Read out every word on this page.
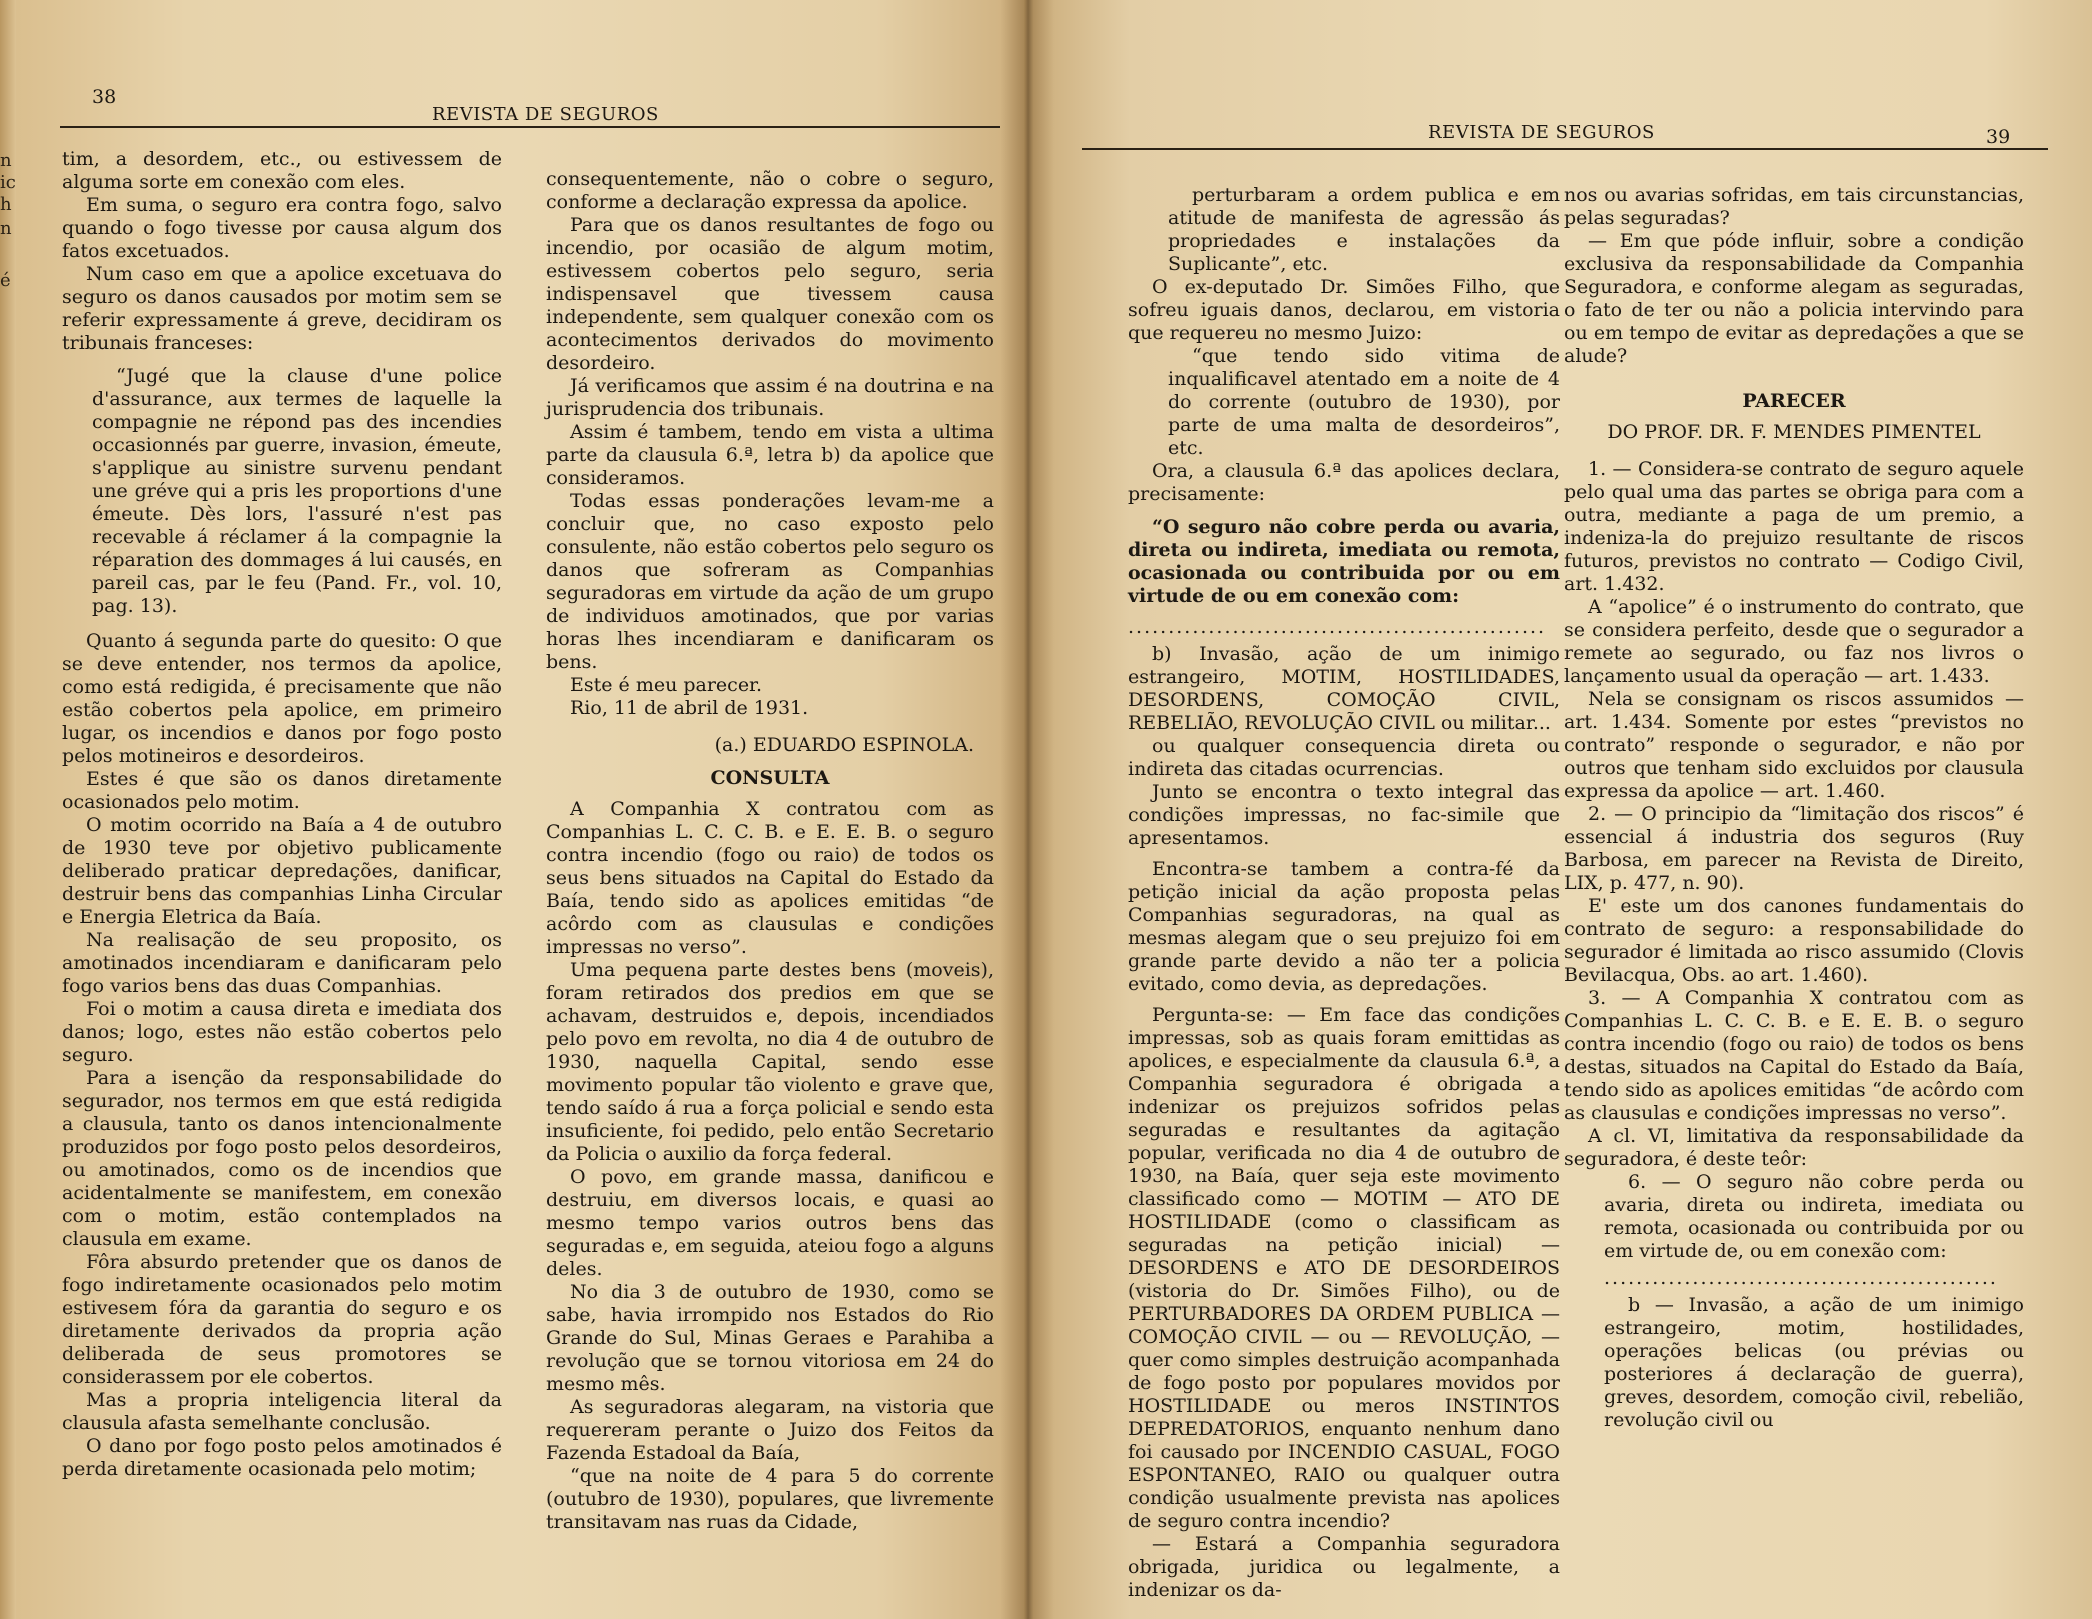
n
ic
h
n
é
38
REVISTA DE SEGUROS

tim, a desordem, etc., ou estivessem de alguma sorte em conexão com eles.

Em suma, o seguro era contra fogo, salvo quando o fogo tivesse por causa algum dos fatos excetuados.

Num caso em que a apolice excetuava do seguro os danos causados por motim sem se referir expressamente á greve, decidiram os tribunais franceses:

“Jugé que la clause d'une police d'assurance, aux termes de laquelle la compagnie ne répond pas des incendies occasionnés par guerre, invasion, émeute, s'applique au sinistre survenu pendant une gréve qui a pris les proportions d'une émeute. Dès lors, l'assuré n'est pas recevable á réclamer á la compagnie la réparation des dommages á lui causés, en pareil cas, par le feu (Pand. Fr., vol. 10, pag. 13).

Quanto á segunda parte do quesito: O que se deve entender, nos termos da apolice, como está redigida, é precisamente que não estão cobertos pela apolice, em primeiro lugar, os incendios e danos por fogo posto pelos motineiros e desordeiros.

Estes é que são os danos diretamente ocasionados pelo motim.

O motim ocorrido na Baía a 4 de outubro de 1930 teve por objetivo publicamente deliberado praticar depredações, danificar, destruir bens das companhias Linha Circular e Energia Eletrica da Baía.

Na realisação de seu proposito, os amotinados incendiaram e danificaram pelo fogo varios bens das duas Companhias.

Foi o motim a causa direta e imediata dos danos; logo, estes não estão cobertos pelo seguro.

Para a isenção da responsabilidade do segurador, nos termos em que está redigida a clausula, tanto os danos intencionalmente produzidos por fogo posto pelos desordeiros, ou amotinados, como os de incendios que acidentalmente se manifestem, em conexão com o motim, estão contemplados na clausula em exame.

Fôra absurdo pretender que os danos de fogo indiretamente ocasionados pelo motim estivesem fóra da garantia do seguro e os diretamente derivados da propria ação deliberada de seus promotores se considerassem por ele cobertos.

Mas a propria inteligencia literal da clausula afasta semelhante conclusão.

O dano por fogo posto pelos amotinados é perda diretamente ocasionada pelo motim;

consequentemente, não o cobre o seguro, conforme a declaração expressa da apolice.

Para que os danos resultantes de fogo ou incendio, por ocasião de algum motim, estivessem cobertos pelo seguro, seria indispensavel que tivessem causa independente, sem qualquer conexão com os acontecimentos derivados do movimento desordeiro.

Já verificamos que assim é na doutrina e na jurisprudencia dos tribunais.

Assim é tambem, tendo em vista a ultima parte da clausula 6.ª, letra b) da apolice que consideramos.

Todas essas ponderações levam-me a concluir que, no caso exposto pelo consulente, não estão cobertos pelo seguro os danos que sofreram as Companhias seguradoras em virtude da ação de um grupo de individuos amotinados, que por varias horas lhes incendiaram e danificaram os bens.

Este é meu parecer.

Rio, 11 de abril de 1931.

(a.) EDUARDO ESPINOLA.

CONSULTA

A Companhia X contratou com as Companhias L. C. C. B. e E. E. B. o seguro contra incendio (fogo ou raio) de todos os seus bens situados na Capital do Estado da Baía, tendo sido as apolices emitidas “de acôrdo com as clausulas e condições impressas no verso”.

Uma pequena parte destes bens (moveis), foram retirados dos predios em que se achavam, destruidos e, depois, incendiados pelo povo em revolta, no dia 4 de outubro de 1930, naquella Capital, sendo esse movimento popular tão violento e grave que, tendo saído á rua a força policial e sendo esta insuficiente, foi pedido, pelo então Secretario da Policia o auxilio da força federal.

O povo, em grande massa, danificou e destruiu, em diversos locais, e quasi ao mesmo tempo varios outros bens das seguradas e, em seguida, ateiou fogo a alguns deles.

No dia 3 de outubro de 1930, como se sabe, havia irrompido nos Estados do Rio Grande do Sul, Minas Geraes e Parahiba a revolução que se tornou vitoriosa em 24 do mesmo mês.

As seguradoras alegaram, na vistoria que requereram perante o Juizo dos Feitos da Fazenda Estadoal da Baía,

“que na noite de 4 para 5 do corrente (outubro de 1930), populares, que livremente transitavam nas ruas da Cidade,

REVISTA DE SEGUROS	39

perturbaram a ordem publica e em atitude de manifesta de agressão ás propriedades e instalações da Suplicante”, etc.

O ex-deputado Dr. Simões Filho, que sofreu iguais danos, declarou, em vistoria que requereu no mesmo Juizo:

“que tendo sido vitima de inqualificavel atentado em a noite de 4 do corrente (outubro de 1930), por parte de uma malta de desordeiros”, etc.

Ora, a clausula 6.ª das apolices declara, precisamente:

“O seguro não cobre perda ou avaria, direta ou indireta, imediata ou remota, ocasionada ou contribuida por ou em virtude de ou em conexão com:

....................................................

b) Invasão, ação de um inimigo estrangeiro, MOTIM, HOSTILIDADES, DESORDENS, COMOÇÃO CIVIL, REBELIÃO, REVOLUÇÃO CIVIL ou militar...

ou qualquer consequencia direta ou indireta das citadas ocurrencias.

Junto se encontra o texto integral das condições impressas, no fac-simile que apresentamos.

Encontra-se tambem a contra-fé da petição inicial da ação proposta pelas Companhias seguradoras, na qual as mesmas alegam que o seu prejuizo foi em grande parte devido a não ter a policia evitado, como devia, as depredações.

Pergunta-se: — Em face das condições impressas, sob as quais foram emittidas as apolices, e especialmente da clausula 6.ª, a Companhia seguradora é obrigada a indenizar os prejuizos sofridos pelas seguradas e resultantes da agitação popular, verificada no dia 4 de outubro de 1930, na Baía, quer seja este movimento classificado como — MOTIM — ATO DE HOSTILIDADE (como o classificam as seguradas na petição inicial) — DESORDENS e ATO DE DESORDEIROS (vistoria do Dr. Simões Filho), ou de PERTURBADORES DA ORDEM PUBLICA — COMOÇÃO CIVIL — ou — REVOLUÇÃO, — quer como simples destruição acompanhada de fogo posto por populares movidos por HOSTILIDADE ou meros INSTINTOS DEPREDATORIOS, enquanto nenhum dano foi causado por INCENDIO CASUAL, FOGO ESPONTANEO, RAIO ou qualquer outra condição usualmente prevista nas apolices de seguro contra incendio?

— Estará a Companhia seguradora obrigada, juridica ou legalmente, a indenizar os da-

nos ou avarias sofridas, em tais circunstancias, pelas seguradas?

— Em que póde influir, sobre a condição exclusiva da responsabilidade da Companhia Seguradora, e conforme alegam as seguradas, o fato de ter ou não a policia intervindo para ou em tempo de evitar as depredações a que se alude?

PARECER

DO PROF. DR. F. MENDES PIMENTEL

1. — Considera-se contrato de seguro aquele pelo qual uma das partes se obriga para com a outra, mediante a paga de um premio, a indeniza-la do prejuizo resultante de riscos futuros, previstos no contrato — Codigo Civil, art. 1.432.

A “apolice” é o instrumento do contrato, que se considera perfeito, desde que o segurador a remete ao segurado, ou faz nos livros o lançamento usual da operação — art. 1.433.

Nela se consignam os riscos assumidos — art. 1.434. Somente por estes “previstos no contrato” responde o segurador, e não por outros que tenham sido excluidos por clausula expressa da apolice — art. 1.460.

2. — O principio da “limitação dos riscos” é essencial á industria dos seguros (Ruy Barbosa, em parecer na Revista de Direito, LIX, p. 477, n. 90).

E' este um dos canones fundamentais do contrato de seguro: a responsabilidade do segurador é limitada ao risco assumido (Clovis Bevilacqua, Obs. ao art. 1.460).

3. — A Companhia X contratou com as Companhias L. C. C. B. e E. E. B. o seguro contra incendio (fogo ou raio) de todos os bens destas, situados na Capital do Estado da Baía, tendo sido as apolices emitidas “de acôrdo com as clausulas e condições impressas no verso”.

A cl. VI, limitativa da responsabilidade da seguradora, é deste teôr:

6. — O seguro não cobre perda ou avaria, direta ou indireta, imediata ou remota, ocasionada ou contribuida por ou em virtude de, ou em conexão com:

.................................................

b — Invasão, a ação de um inimigo estrangeiro, motim, hostilidades, operações belicas (ou prévias ou posteriores á declaração de guerra), greves, desordem, comoção civil, rebelião, revolução civil ou
